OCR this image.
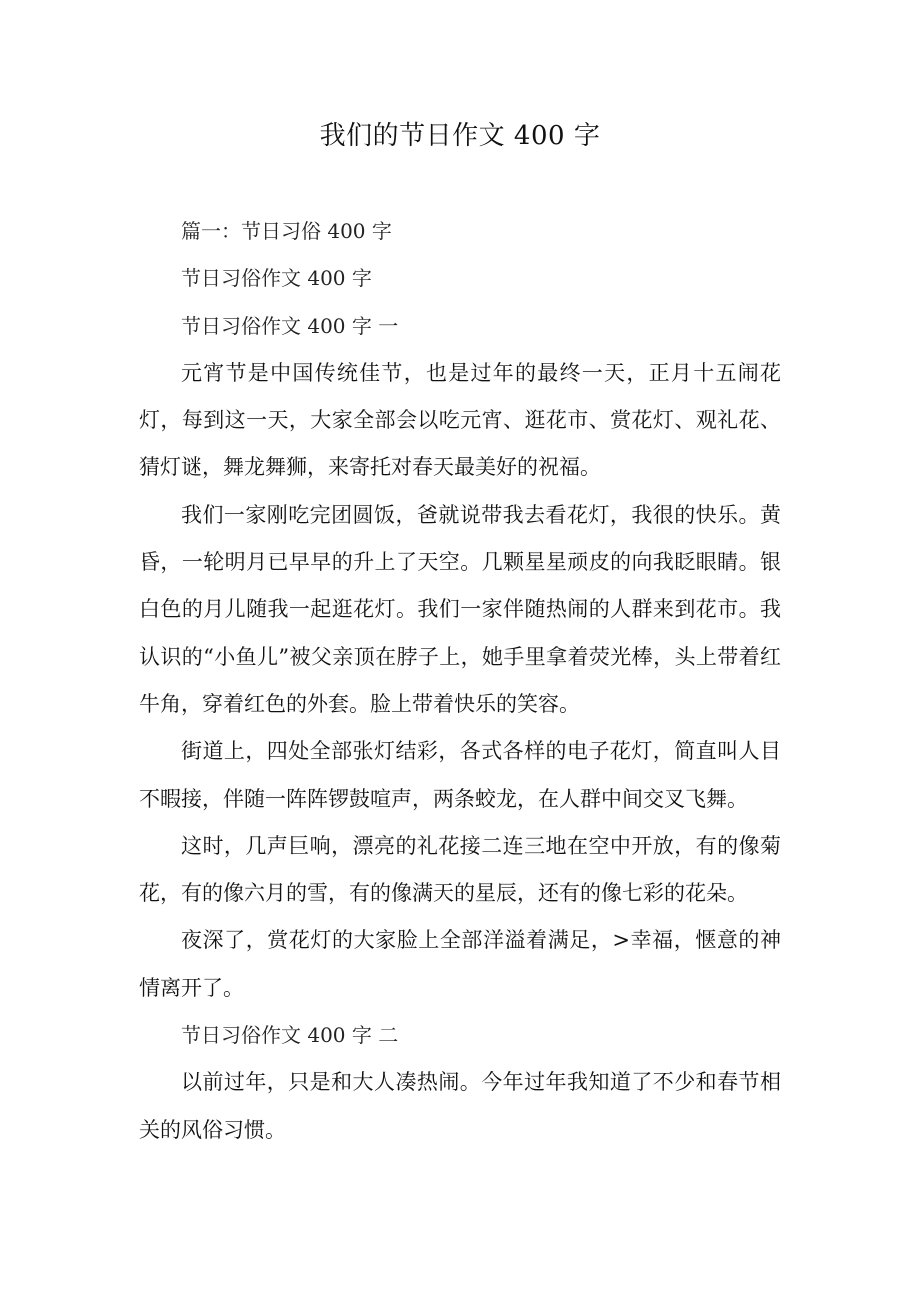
我们的节日作文 400 字

篇一：节日习俗 400 字

节日习俗作文 400 字

节日习俗作文 400 字 一

元宵节是中国传统佳节，也是过年的最终一天，正月十五闹花灯，每到这一天，大家全部会以吃元宵、逛花市、赏花灯、观礼花、猜灯谜，舞龙舞狮，来寄托对春天最美好的祝福。

我们一家刚吃完团圆饭，爸就说带我去看花灯，我很的快乐。黄昏，一轮明月已早早的升上了天空。几颗星星顽皮的向我眨眼睛。银白色的月儿随我一起逛花灯。我们一家伴随热闹的人群来到花市。我认识的“小鱼儿”被父亲顶在脖子上，她手里拿着荧光棒，头上带着红牛角，穿着红色的外套。脸上带着快乐的笑容。

街道上，四处全部张灯结彩，各式各样的电子花灯，简直叫人目不暇接，伴随一阵阵锣鼓喧声，两条蛟龙，在人群中间交叉飞舞。

这时，几声巨响，漂亮的礼花接二连三地在空中开放，有的像菊花，有的像六月的雪，有的像满天的星辰，还有的像七彩的花朵。

夜深了，赏花灯的大家脸上全部洋溢着满足，>幸福，惬意的神情离开了。

节日习俗作文 400 字 二

以前过年，只是和大人凑热闹。今年过年我知道了不少和春节相关的风俗习惯。
